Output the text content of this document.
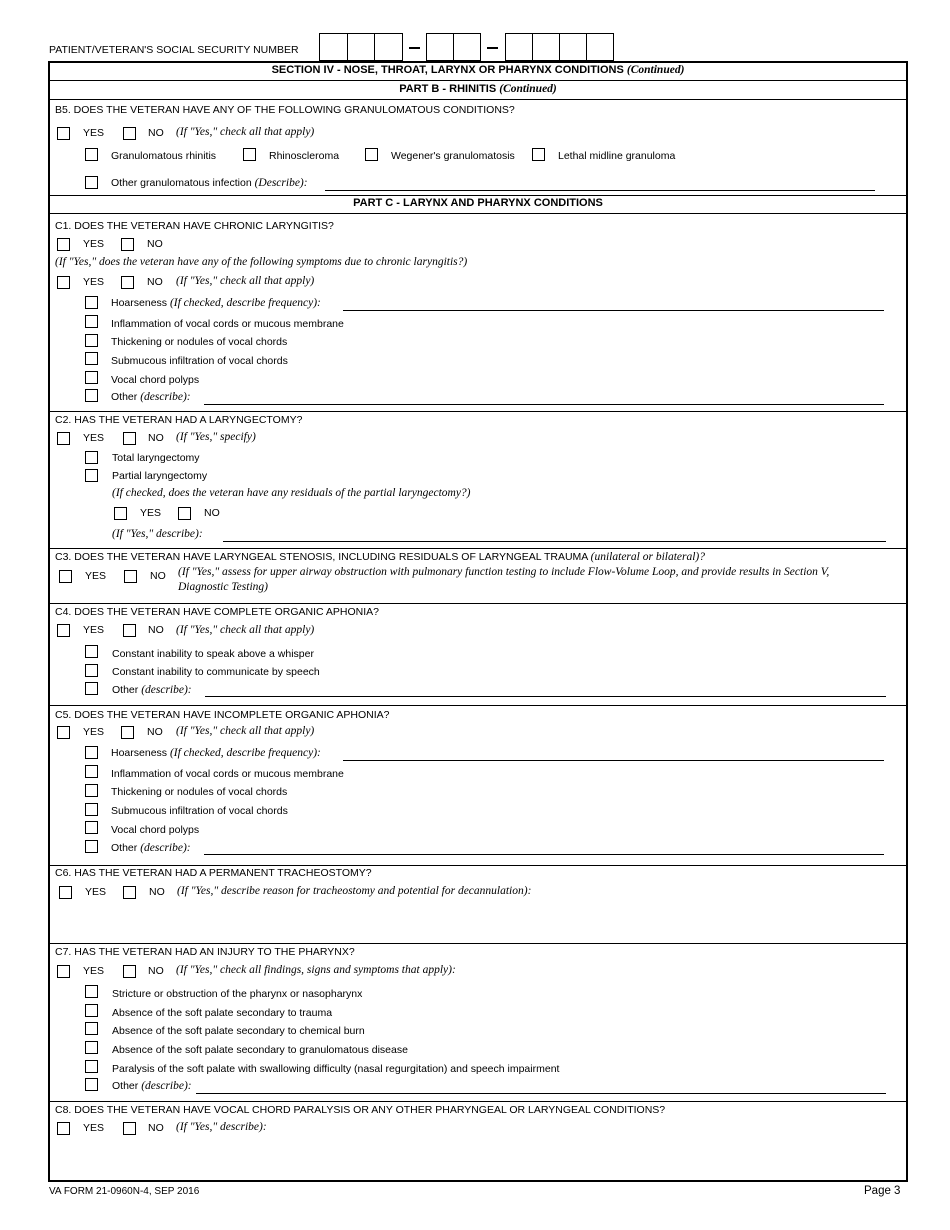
PATIENT/VETERAN'S SOCIAL SECURITY NUMBER
SECTION IV - NOSE, THROAT, LARYNX OR PHARYNX CONDITIONS (Continued)
PART B - RHINITIS (Continued)
B5. DOES THE VETERAN HAVE ANY OF THE FOLLOWING GRANULOMATOUS CONDITIONS?
YES	NO (If "Yes," check all that apply)
Granulomatous rhinitis	Rhinoscleroma	Wegener's granulomatosis	Lethal midline granuloma
Other granulomatous infection (Describe):
PART C - LARYNX AND PHARYNX CONDITIONS
C1. DOES THE VETERAN HAVE CHRONIC LARYNGITIS?
YES	NO
(If "Yes," does the veteran have any of the following symptoms due to chronic laryngitis?)
YES	NO (If "Yes," check all that apply)
Hoarseness (If checked, describe frequency):
Inflammation of vocal cords or mucous membrane
Thickening or nodules of vocal chords
Submucous infiltration of vocal chords
Vocal chord polyps
Other (describe):
C2. HAS THE VETERAN HAD A LARYNGECTOMY?
YES	NO (If "Yes," specify)
Total laryngectomy
Partial laryngectomy
(If checked, does the veteran have any residuals of the partial laryngectomy?)
YES	NO
(If "Yes," describe):
C3. DOES THE VETERAN HAVE LARYNGEAL STENOSIS, INCLUDING RESIDUALS OF LARYNGEAL TRAUMA (unilateral or bilateral)?
YES	NO (If "Yes," assess for upper airway obstruction with pulmonary function testing to include Flow-Volume Loop, and provide results in Section V,
Diagnostic Testing)
C4. DOES THE VETERAN HAVE COMPLETE ORGANIC APHONIA?
YES	NO (If "Yes," check all that apply)
Constant inability to speak above a whisper
Constant inability to communicate by speech
Other (describe):
C5. DOES THE VETERAN HAVE INCOMPLETE ORGANIC APHONIA?
YES	NO (If "Yes," check all that apply)
Hoarseness (If checked, describe frequency):
Inflammation of vocal cords or mucous membrane
Thickening or nodules of vocal chords
Submucous infiltration of vocal chords
Vocal chord polyps
Other (describe):
C6. HAS THE VETERAN HAD A PERMANENT TRACHEOSTOMY?
YES	NO (If "Yes," describe reason for tracheostomy and potential for decannulation):
C7. HAS THE VETERAN HAD AN INJURY TO THE PHARYNX?
YES	NO (If "Yes," check all findings, signs and symptoms that apply):
Stricture or obstruction of the pharynx or nasopharynx
Absence of the soft palate secondary to trauma
Absence of the soft palate secondary to chemical burn
Absence of the soft palate secondary to granulomatous disease
Paralysis of the soft palate with swallowing difficulty (nasal regurgitation) and speech impairment
Other (describe):
C8. DOES THE VETERAN HAVE VOCAL CHORD PARALYSIS OR ANY OTHER PHARYNGEAL OR LARYNGEAL CONDITIONS?
YES	NO (If "Yes," describe):
VA FORM 21-0960N-4, SEP 2016	Page 3
